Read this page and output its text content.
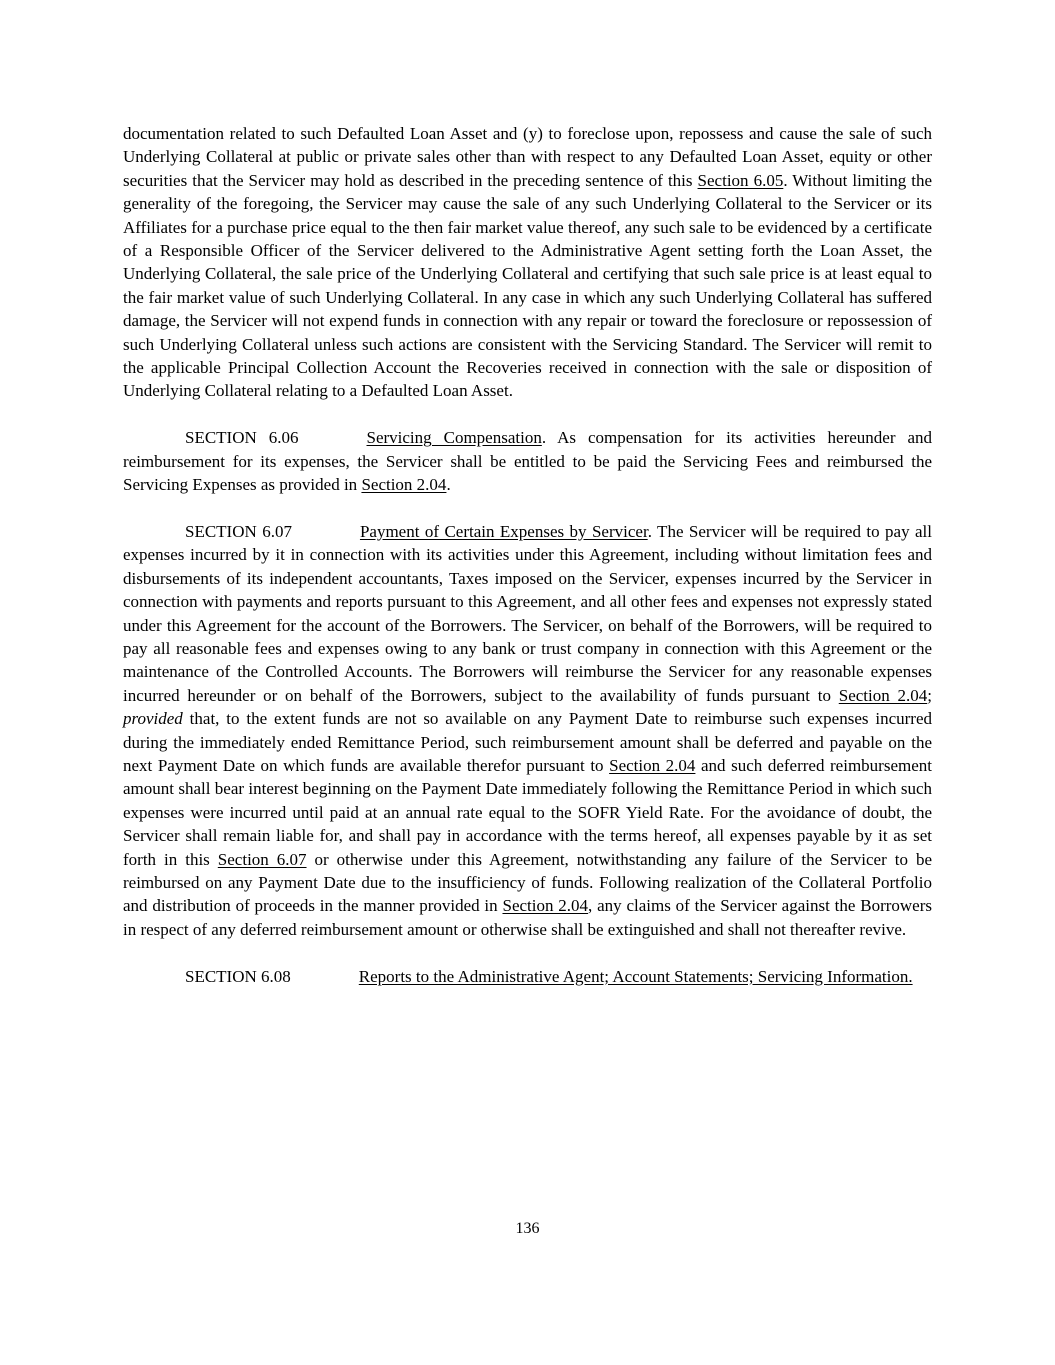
documentation related to such Defaulted Loan Asset and (y) to foreclose upon, repossess and cause the sale of such Underlying Collateral at public or private sales other than with respect to any Defaulted Loan Asset, equity or other securities that the Servicer may hold as described in the preceding sentence of this Section 6.05. Without limiting the generality of the foregoing, the Servicer may cause the sale of any such Underlying Collateral to the Servicer or its Affiliates for a purchase price equal to the then fair market value thereof, any such sale to be evidenced by a certificate of a Responsible Officer of the Servicer delivered to the Administrative Agent setting forth the Loan Asset, the Underlying Collateral, the sale price of the Underlying Collateral and certifying that such sale price is at least equal to the fair market value of such Underlying Collateral. In any case in which any such Underlying Collateral has suffered damage, the Servicer will not expend funds in connection with any repair or toward the foreclosure or repossession of such Underlying Collateral unless such actions are consistent with the Servicing Standard. The Servicer will remit to the applicable Principal Collection Account the Recoveries received in connection with the sale or disposition of Underlying Collateral relating to a Defaulted Loan Asset.

SECTION 6.06	Servicing Compensation. As compensation for its activities hereunder and reimbursement for its expenses, the Servicer shall be entitled to be paid the Servicing Fees and reimbursed the Servicing Expenses as provided in Section 2.04.

SECTION 6.07	Payment of Certain Expenses by Servicer. The Servicer will be required to pay all expenses incurred by it in connection with its activities under this Agreement, including without limitation fees and disbursements of its independent accountants, Taxes imposed on the Servicer, expenses incurred by the Servicer in connection with payments and reports pursuant to this Agreement, and all other fees and expenses not expressly stated under this Agreement for the account of the Borrowers. The Servicer, on behalf of the Borrowers, will be required to pay all reasonable fees and expenses owing to any bank or trust company in connection with this Agreement or the maintenance of the Controlled Accounts. The Borrowers will reimburse the Servicer for any reasonable expenses incurred hereunder or on behalf of the Borrowers, subject to the availability of funds pursuant to Section 2.04; provided that, to the extent funds are not so available on any Payment Date to reimburse such expenses incurred during the immediately ended Remittance Period, such reimbursement amount shall be deferred and payable on the next Payment Date on which funds are available therefor pursuant to Section 2.04 and such deferred reimbursement amount shall bear interest beginning on the Payment Date immediately following the Remittance Period in which such expenses were incurred until paid at an annual rate equal to the SOFR Yield Rate. For the avoidance of doubt, the Servicer shall remain liable for, and shall pay in accordance with the terms hereof, all expenses payable by it as set forth in this Section 6.07 or otherwise under this Agreement, notwithstanding any failure of the Servicer to be reimbursed on any Payment Date due to the insufficiency of funds. Following realization of the Collateral Portfolio and distribution of proceeds in the manner provided in Section 2.04, any claims of the Servicer against the Borrowers in respect of any deferred reimbursement amount or otherwise shall be extinguished and shall not thereafter revive.

SECTION 6.08	Reports to the Administrative Agent; Account Statements; Servicing Information.

136
